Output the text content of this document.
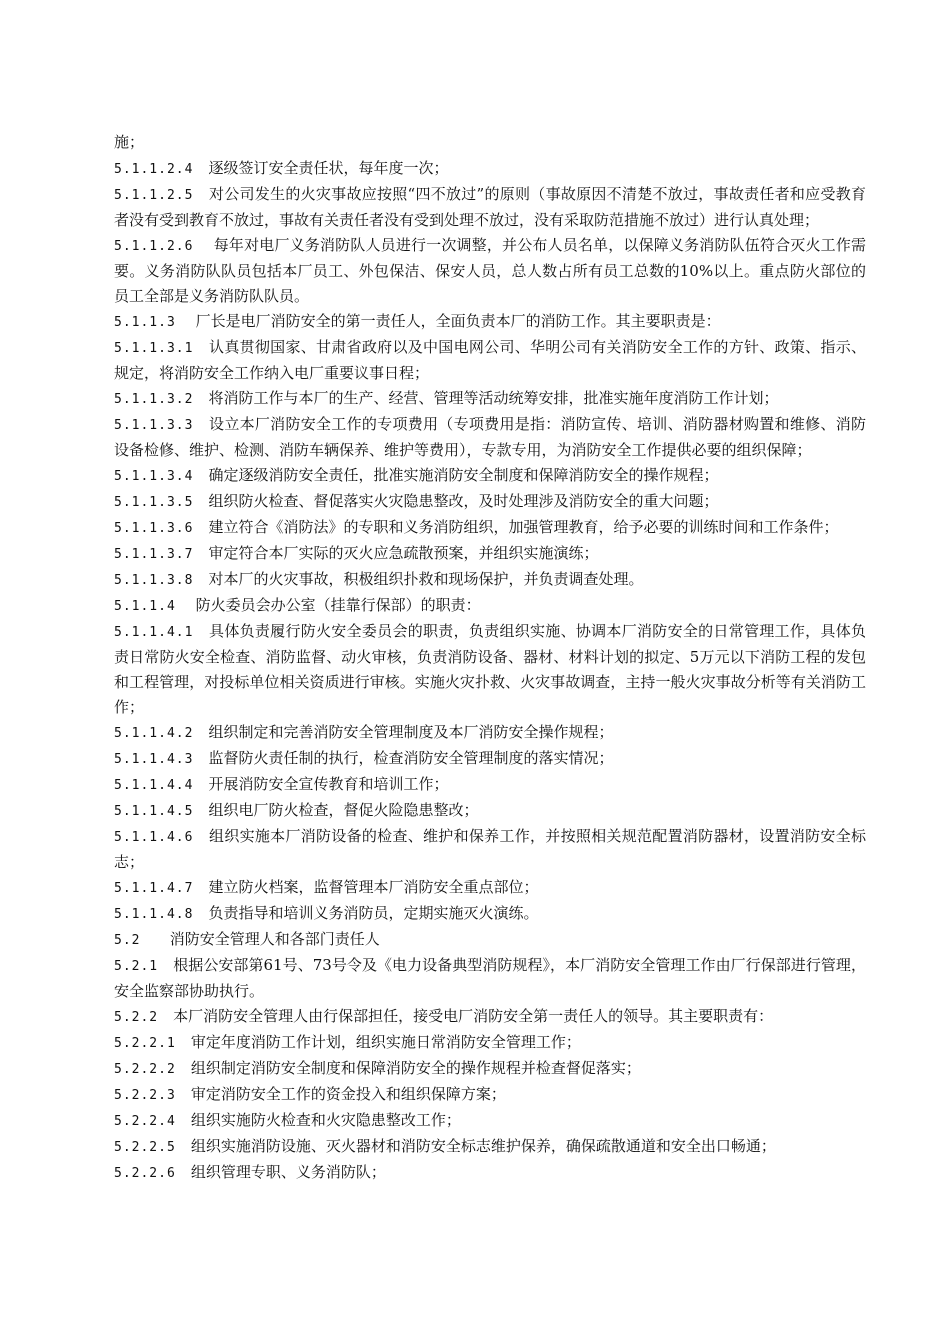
施；

5.1.1.2.4　 逐级签订安全责任状，每年度一次；

5.1.1.2.5　 对公司发生的火灾事故应按照“四不放过”的原则（事故原因不清楚不放过，事故责任者和应受教育者没有受到教育不放过，事故有关责任者没有受到处理不放过，没有采取防范措施不放过）进行认真处理；

5.1.1.2.6　 每年对电厂义务消防队人员进行一次调整，并公布人员名单，以保障义务消防队伍符合灭火工作需要。义务消防队队员包括本厂员工、外包保洁、保安人员，总人数占所有员工总数的10%以上。重点防火部位的员工全部是义务消防队队员。

5.1.1.3　 厂长是电厂消防安全的第一责任人，全面负责本厂的消防工作。其主要职责是：

5.1.1.3.1　 认真贯彻国家、甘肃省政府以及中国电网公司、华明公司有关消防安全工作的方针、政策、指示、规定，将消防安全工作纳入电厂重要议事日程；

5.1.1.3.2　 将消防工作与本厂的生产、经营、管理等活动统筹安排，批准实施年度消防工作计划；

5.1.1.3.3　 设立本厂消防安全工作的专项费用（专项费用是指：消防宣传、培训、消防器材购置和维修、消防设备检修、维护、检测、消防车辆保养、维护等费用），专款专用，为消防安全工作提供必要的组织保障；

5.1.1.3.4　 确定逐级消防安全责任，批准实施消防安全制度和保障消防安全的操作规程；

5.1.1.3.5　 组织防火检查、督促落实火灾隐患整改，及时处理涉及消防安全的重大问题；

5.1.1.3.6　 建立符合《消防法》的专职和义务消防组织，加强管理教育，给予必要的训练时间和工作条件；

5.1.1.3.7　 审定符合本厂实际的灭火应急疏散预案，并组织实施演练；

5.1.1.3.8　 对本厂的火灾事故，积极组织扑救和现场保护，并负责调查处理。

5.1.1.4　 防火委员会办公室（挂靠行保部）的职责：

5.1.1.4.1　 具体负责履行防火安全委员会的职责，负责组织实施、协调本厂消防安全的日常管理工作，具体负责日常防火安全检查、消防监督、动火审核，负责消防设备、器材、材料计划的拟定、5万元以下消防工程的发包和工程管理，对投标单位相关资质进行审核。实施火灾扑救、火灾事故调查，主持一般火灾事故分析等有关消防工作；

5.1.1.4.2　 组织制定和完善消防安全管理制度及本厂消防安全操作规程；

5.1.1.4.3　 监督防火责任制的执行，检查消防安全管理制度的落实情况；

5.1.1.4.4　 开展消防安全宣传教育和培训工作；

5.1.1.4.5　 组织电厂防火检查，督促火险隐患整改；

5.1.1.4.6　 组织实施本厂消防设备的检查、维护和保养工作，并按照相关规范配置消防器材，设置消防安全标志；

5.1.1.4.7　 建立防火档案，监督管理本厂消防安全重点部位；

5.1.1.4.8　 负责指导和培训义务消防员，定期实施灭火演练。

5.2　   消防安全管理人和各部门责任人

5.2.1　 根据公安部第61号、73号令及《电力设备典型消防规程》，本厂消防安全管理工作由厂行保部进行管理，安全监察部协助执行。

5.2.2　 本厂消防安全管理人由行保部担任，接受电厂消防安全第一责任人的领导。其主要职责有：

5.2.2.1　 审定年度消防工作计划，组织实施日常消防安全管理工作；

5.2.2.2　 组织制定消防安全制度和保障消防安全的操作规程并检查督促落实；

5.2.2.3　 审定消防安全工作的资金投入和组织保障方案；

5.2.2.4　 组织实施防火检查和火灾隐患整改工作；

5.2.2.5　 组织实施消防设施、灭火器材和消防安全标志维护保养，确保疏散通道和安全出口畅通；

5.2.2.6　 组织管理专职、义务消防队；
